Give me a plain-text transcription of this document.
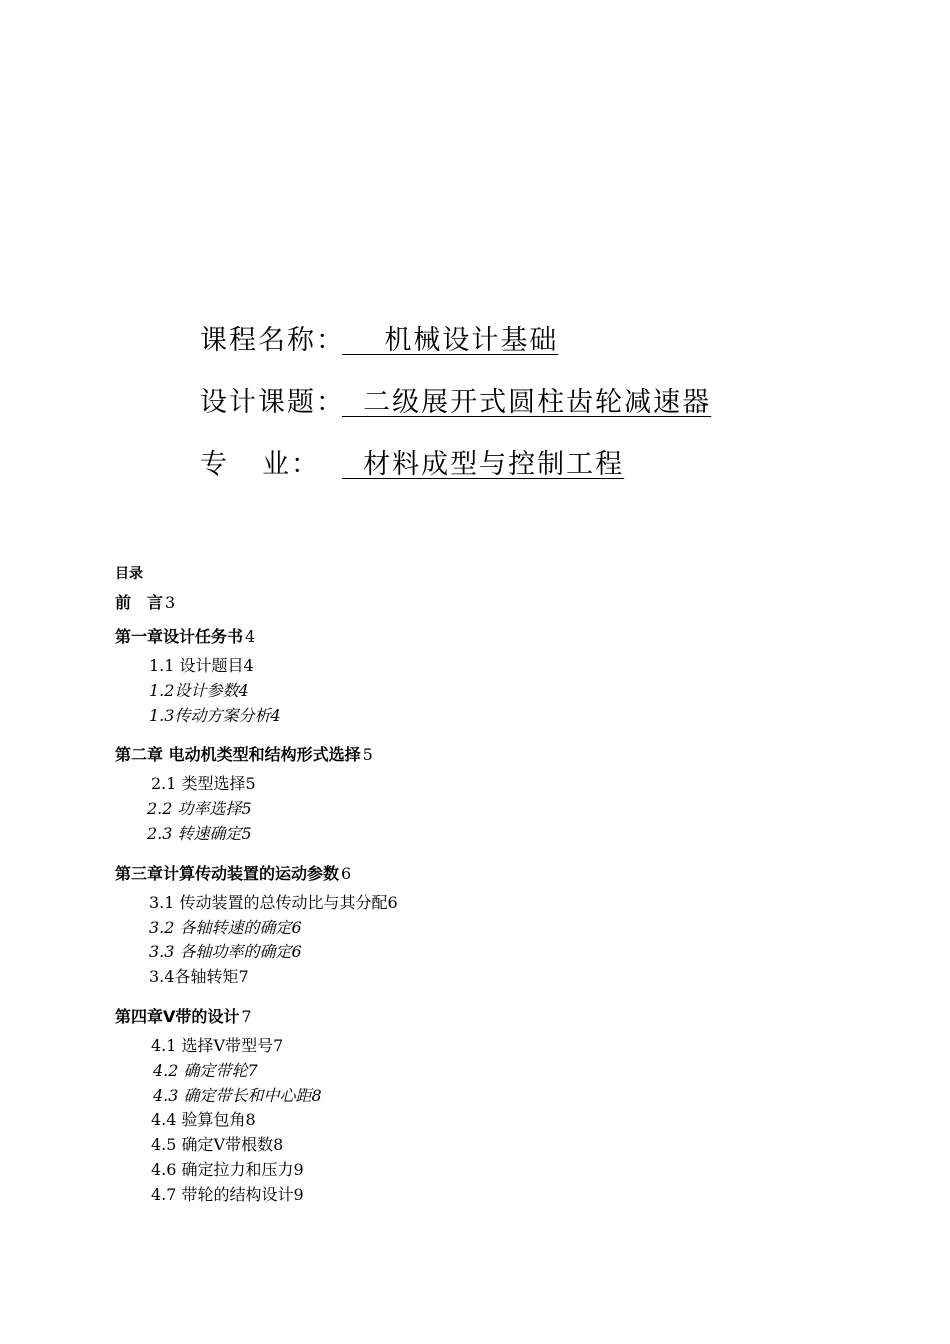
课程名称：
机械设计基础
设计课题：
二级展开式圆柱齿轮减速器
专 业： 材料成型与控制工程
目录
前　言 3
第一章设计任务书 4
1.1 设计题目4
1.2设计参数4
1.3传动方案分析4
第二章 电动机类型和结构形式选择 5
2.1 类型选择5
2.2 功率选择5
2.3 转速确定5
第三章计算传动装置的运动参数 6
3.1 传动装置的总传动比与其分配6
3.2 各轴转速的确定6
3.3 各轴功率的确定6
3.4各轴转矩7
第四章V带的设计 7
4.1 选择V带型号7
4.2 确定带轮7
4.3 确定带长和中心距8
4.4 验算包角8
4.5 确定V带根数8
4.6 确定拉力和压力9
4.7 带轮的结构设计9
